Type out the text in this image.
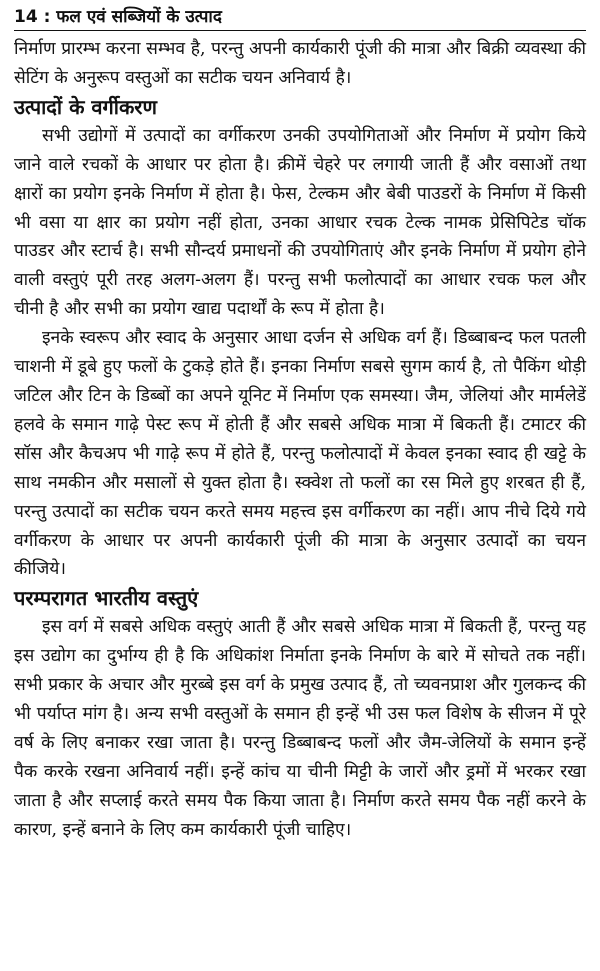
14 : फल एवं सब्जियों के उत्पाद

निर्माण प्रारम्भ करना सम्भव है, परन्तु अपनी कार्यकारी पूंजी की मात्रा और बिक्री व्यवस्था की सेटिंग के अनुरूप वस्तुओं का सटीक चयन अनिवार्य है।

उत्पादों के वर्गीकरण

सभी उद्योगों में उत्पादों का वर्गीकरण उनकी उपयोगिताओं और निर्माण में प्रयोग किये जाने वाले रचकों के आधार पर होता है। क्रीमें चेहरे पर लगायी जाती हैं और वसाओं तथा क्षारों का प्रयोग इनके निर्माण में होता है। फेस, टेल्कम और बेबी पाउडरों के निर्माण में किसी भी वसा या क्षार का प्रयोग नहीं होता, उनका आधार रचक टेल्क नामक प्रेसिपिटेड चॉक पाउडर और स्टार्च है। सभी सौन्दर्य प्रमाधनों की उपयोगिताएं और इनके निर्माण में प्रयोग होने वाली वस्तुएं पूरी तरह अलग-अलग हैं। परन्तु सभी फलोत्पादों का आधार रचक फल और चीनी है और सभी का प्रयोग खाद्य पदार्थों के रूप में होता है।

इनके स्वरूप और स्वाद के अनुसार आधा दर्जन से अधिक वर्ग हैं। डिब्बाबन्द फल पतली चाशनी में डूबे हुए फलों के टुकड़े होते हैं। इनका निर्माण सबसे सुगम कार्य है, तो पैकिंग थोड़ी जटिल और टिन के डिब्बों का अपने यूनिट में निर्माण एक समस्या। जैम, जेलियां और मार्मलेडें हलवे के समान गाढ़े पेस्ट रूप में होती हैं और सबसे अधिक मात्रा में बिकती हैं। टमाटर की सॉस और कैचअप भी गाढ़े रूप में होते हैं, परन्तु फलोत्पादों में केवल इनका स्वाद ही खट्टे के साथ नमकीन और मसालों से युक्त होता है। स्क्वेश तो फलों का रस मिले हुए शरबत ही हैं, परन्तु उत्पादों का सटीक चयन करते समय महत्त्व इस वर्गीकरण का नहीं। आप नीचे दिये गये वर्गीकरण के आधार पर अपनी कार्यकारी पूंजी की मात्रा के अनुसार उत्पादों का चयन कीजिये।

परम्परागत भारतीय वस्तुएं

इस वर्ग में सबसे अधिक वस्तुएं आती हैं और सबसे अधिक मात्रा में बिकती हैं, परन्तु यह इस उद्योग का दुर्भाग्य ही है कि अधिकांश निर्माता इनके निर्माण के बारे में सोचते तक नहीं। सभी प्रकार के अचार और मुरब्बे इस वर्ग के प्रमुख उत्पाद हैं, तो च्यवनप्राश और गुलकन्द की भी पर्याप्त मांग है। अन्य सभी वस्तुओं के समान ही इन्हें भी उस फल विशेष के सीजन में पूरे वर्ष के लिए बनाकर रखा जाता है। परन्तु डिब्बाबन्द फलों और जैम-जेलियों के समान इन्हें पैक करके रखना अनिवार्य नहीं। इन्हें कांच या चीनी मिट्टी के जारों और ड्रमों में भरकर रखा जाता है और सप्लाई करते समय पैक किया जाता है। निर्माण करते समय पैक नहीं करने के कारण, इन्हें बनाने के लिए कम कार्यकारी पूंजी चाहिए।
